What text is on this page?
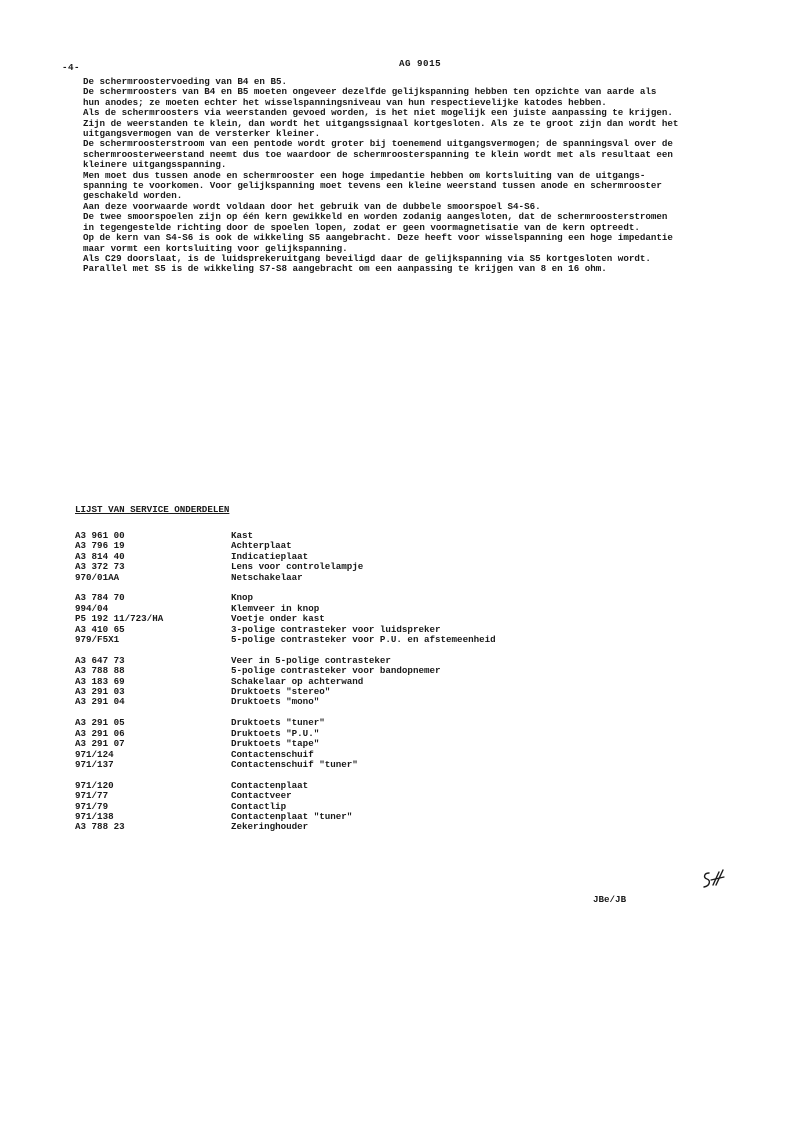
-4-	AG 9015
De schermroostervoeding van B4 en B5.
De schermroosters van B4 en B5 moeten ongeveer dezelfde gelijkspanning hebben ten opzichte van aarde als
hun anodes; ze moeten echter het wisselspanningsniveau van hun respectievelijke katodes hebben.
Als de schermroosters via weerstanden gevoed worden, is het niet mogelijk een juiste aanpassing te krijgen.
Zijn de weerstanden te klein, dan wordt het uitgangssignaal kortgesloten. Als ze te groot zijn dan wordt het
uitgangsvermogen van de versterker kleiner.
De schermroosterstroom van een pentode wordt groter bij toenemend uitgangsvermogen; de spanningsval over de
schermroosterweerstand neemt dus toe waardoor de schermroosterspanning te klein wordt met als resultaat een
kleinere uitgangsspanning.
Men moet dus tussen anode en schermrooster een hoge impedantie hebben om kortsluiting van de uitgangs-
spanning te voorkomen. Voor gelijkspanning moet tevens een kleine weerstand tussen anode en schermrooster
geschakeld worden.
Aan deze voorwaarde wordt voldaan door het gebruik van de dubbele smoorspoel S4-S6.
De twee smoorspoelen zijn op één kern gewikkeld en worden zodanig aangesloten, dat de schermroosterstromen
in tegengestelde richting door de spoelen lopen, zodat er geen voormagnetisatie van de kern optreedt.
Op de kern van S4-S6 is ook de wikkeling S5 aangebracht. Deze heeft voor wisselspanning een hoge impedantie
maar vormt een kortsluiting voor gelijkspanning.
Als C29 doorslaat, is de luidsprekeruitgang beveiligd daar de gelijkspanning via S5 kortgesloten wordt.
Parallel met S5 is de wikkeling S7-S8 aangebracht om een aanpassing te krijgen van 8 en 16 ohm.
LIJST VAN SERVICE ONDERDELEN
A3 961 00	Kast
A3 796 19	Achterplaat
A3 814 40	Indicatieplaat
A3 372 73	Lens voor controlelampje
970/01AA	Netschakelaar
A3 784 70	Knop
994/04	Klemveer in knop
P5 192 11/723/HA	Voetje onder kast
A3 410 65	3-polige contrasteker voor luidspreker
979/F5X1	5-polige contrasteker voor P.U. en afstemeenheid
A3 647 73	Veer in 5-polige contrasteker
A3 788 88	5-polige contrasteker voor bandopnemer
A3 183 69	Schakelaar op achterwand
A3 291 03	Druktoets "stereo"
A3 291 04	Druktoets "mono"
A3 291 05	Druktoets "tuner"
A3 291 06	Druktoets "P.U."
A3 291 07	Druktoets "tape"
971/124	Contactenschuif
971/137	Contactenschuif "tuner"
971/120	Contactenplaat
971/77	Contactveer
971/79	Contactlip
971/138	Contactenplaat "tuner"
A3 788 23	Zekeringhouder
JBe/JB
